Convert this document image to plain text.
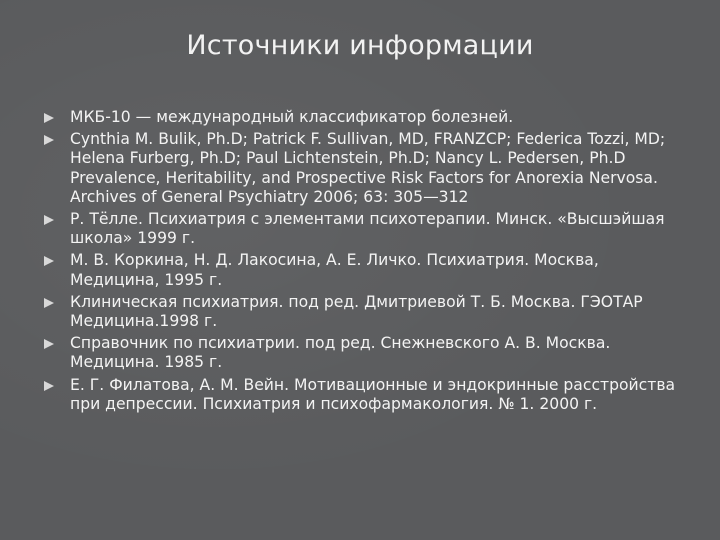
Источники информации
МКБ-10 — международный классификатор болезней.
Cynthia M. Bulik, Ph.D; Patrick F. Sullivan, MD, FRANZCP; Federica Tozzi, MD; Helena Furberg, Ph.D; Paul Lichtenstein, Ph.D; Nancy L. Pedersen, Ph.D Prevalence, Heritability, and Prospective Risk Factors for Anorexia Nervosa. Archives of General Psychiatry 2006; 63: 305—312
Р. Тёлле. Психиатрия с элементами психотерапии. Минск. «Высшэйшая школа» 1999 г.
М. В. Коркина, Н. Д. Лакосина, А. Е. Личко. Психиатрия. Москва, Медицина, 1995 г.
Клиническая психиатрия. под ред. Дмитриевой Т. Б. Москва. ГЭОТАР Медицина.1998 г.
Справочник по психиатрии. под ред. Снежневского А. В. Москва. Медицина. 1985 г.
Е. Г. Филатова, А. М. Вейн. Мотивационные и эндокринные расстройства при депрессии. Психиатрия и психофармакология. № 1. 2000 г.
